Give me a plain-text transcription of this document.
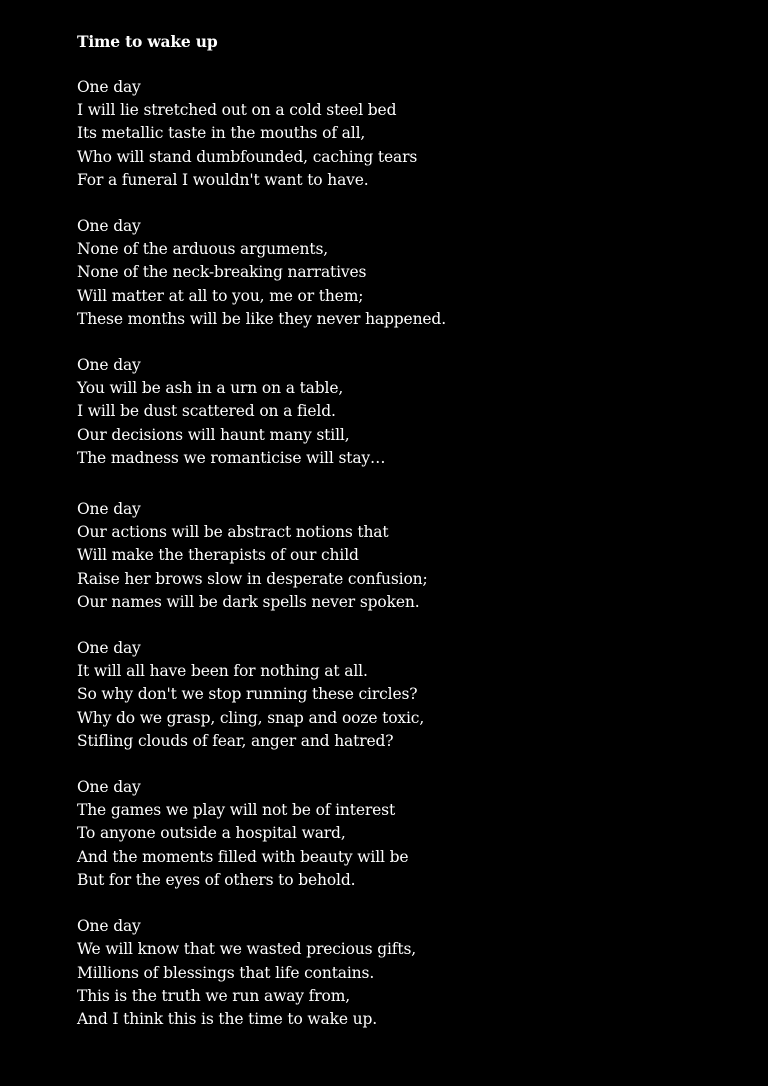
Time to wake up
One day
I will lie stretched out on a cold steel bed
Its metallic taste in the mouths of all,
Who will stand dumbfounded, caching tears
For a funeral I wouldn't want to have.
One day
None of the arduous arguments,
None of the neck-breaking narratives
Will matter at all to you, me or them;
These months will be like they never happened.
One day
You will be ash in a urn on a table,
I will be dust scattered on a field.
Our decisions will haunt many still,
The madness we romanticise will stay…
One day
Our actions will be abstract notions that
Will make the therapists of our child
Raise her brows slow in desperate confusion;
Our names will be dark spells never spoken.
One day
It will all have been for nothing at all.
So why don't we stop running these circles?
Why do we grasp, cling, snap and ooze toxic,
Stifling clouds of fear, anger and hatred?
One day
The games we play will not be of interest
To anyone outside a hospital ward,
And the moments filled with beauty will be
But for the eyes of others to behold.
One day
We will know that we wasted precious gifts,
Millions of blessings that life contains.
This is the truth we run away from,
And I think this is the time to wake up.
